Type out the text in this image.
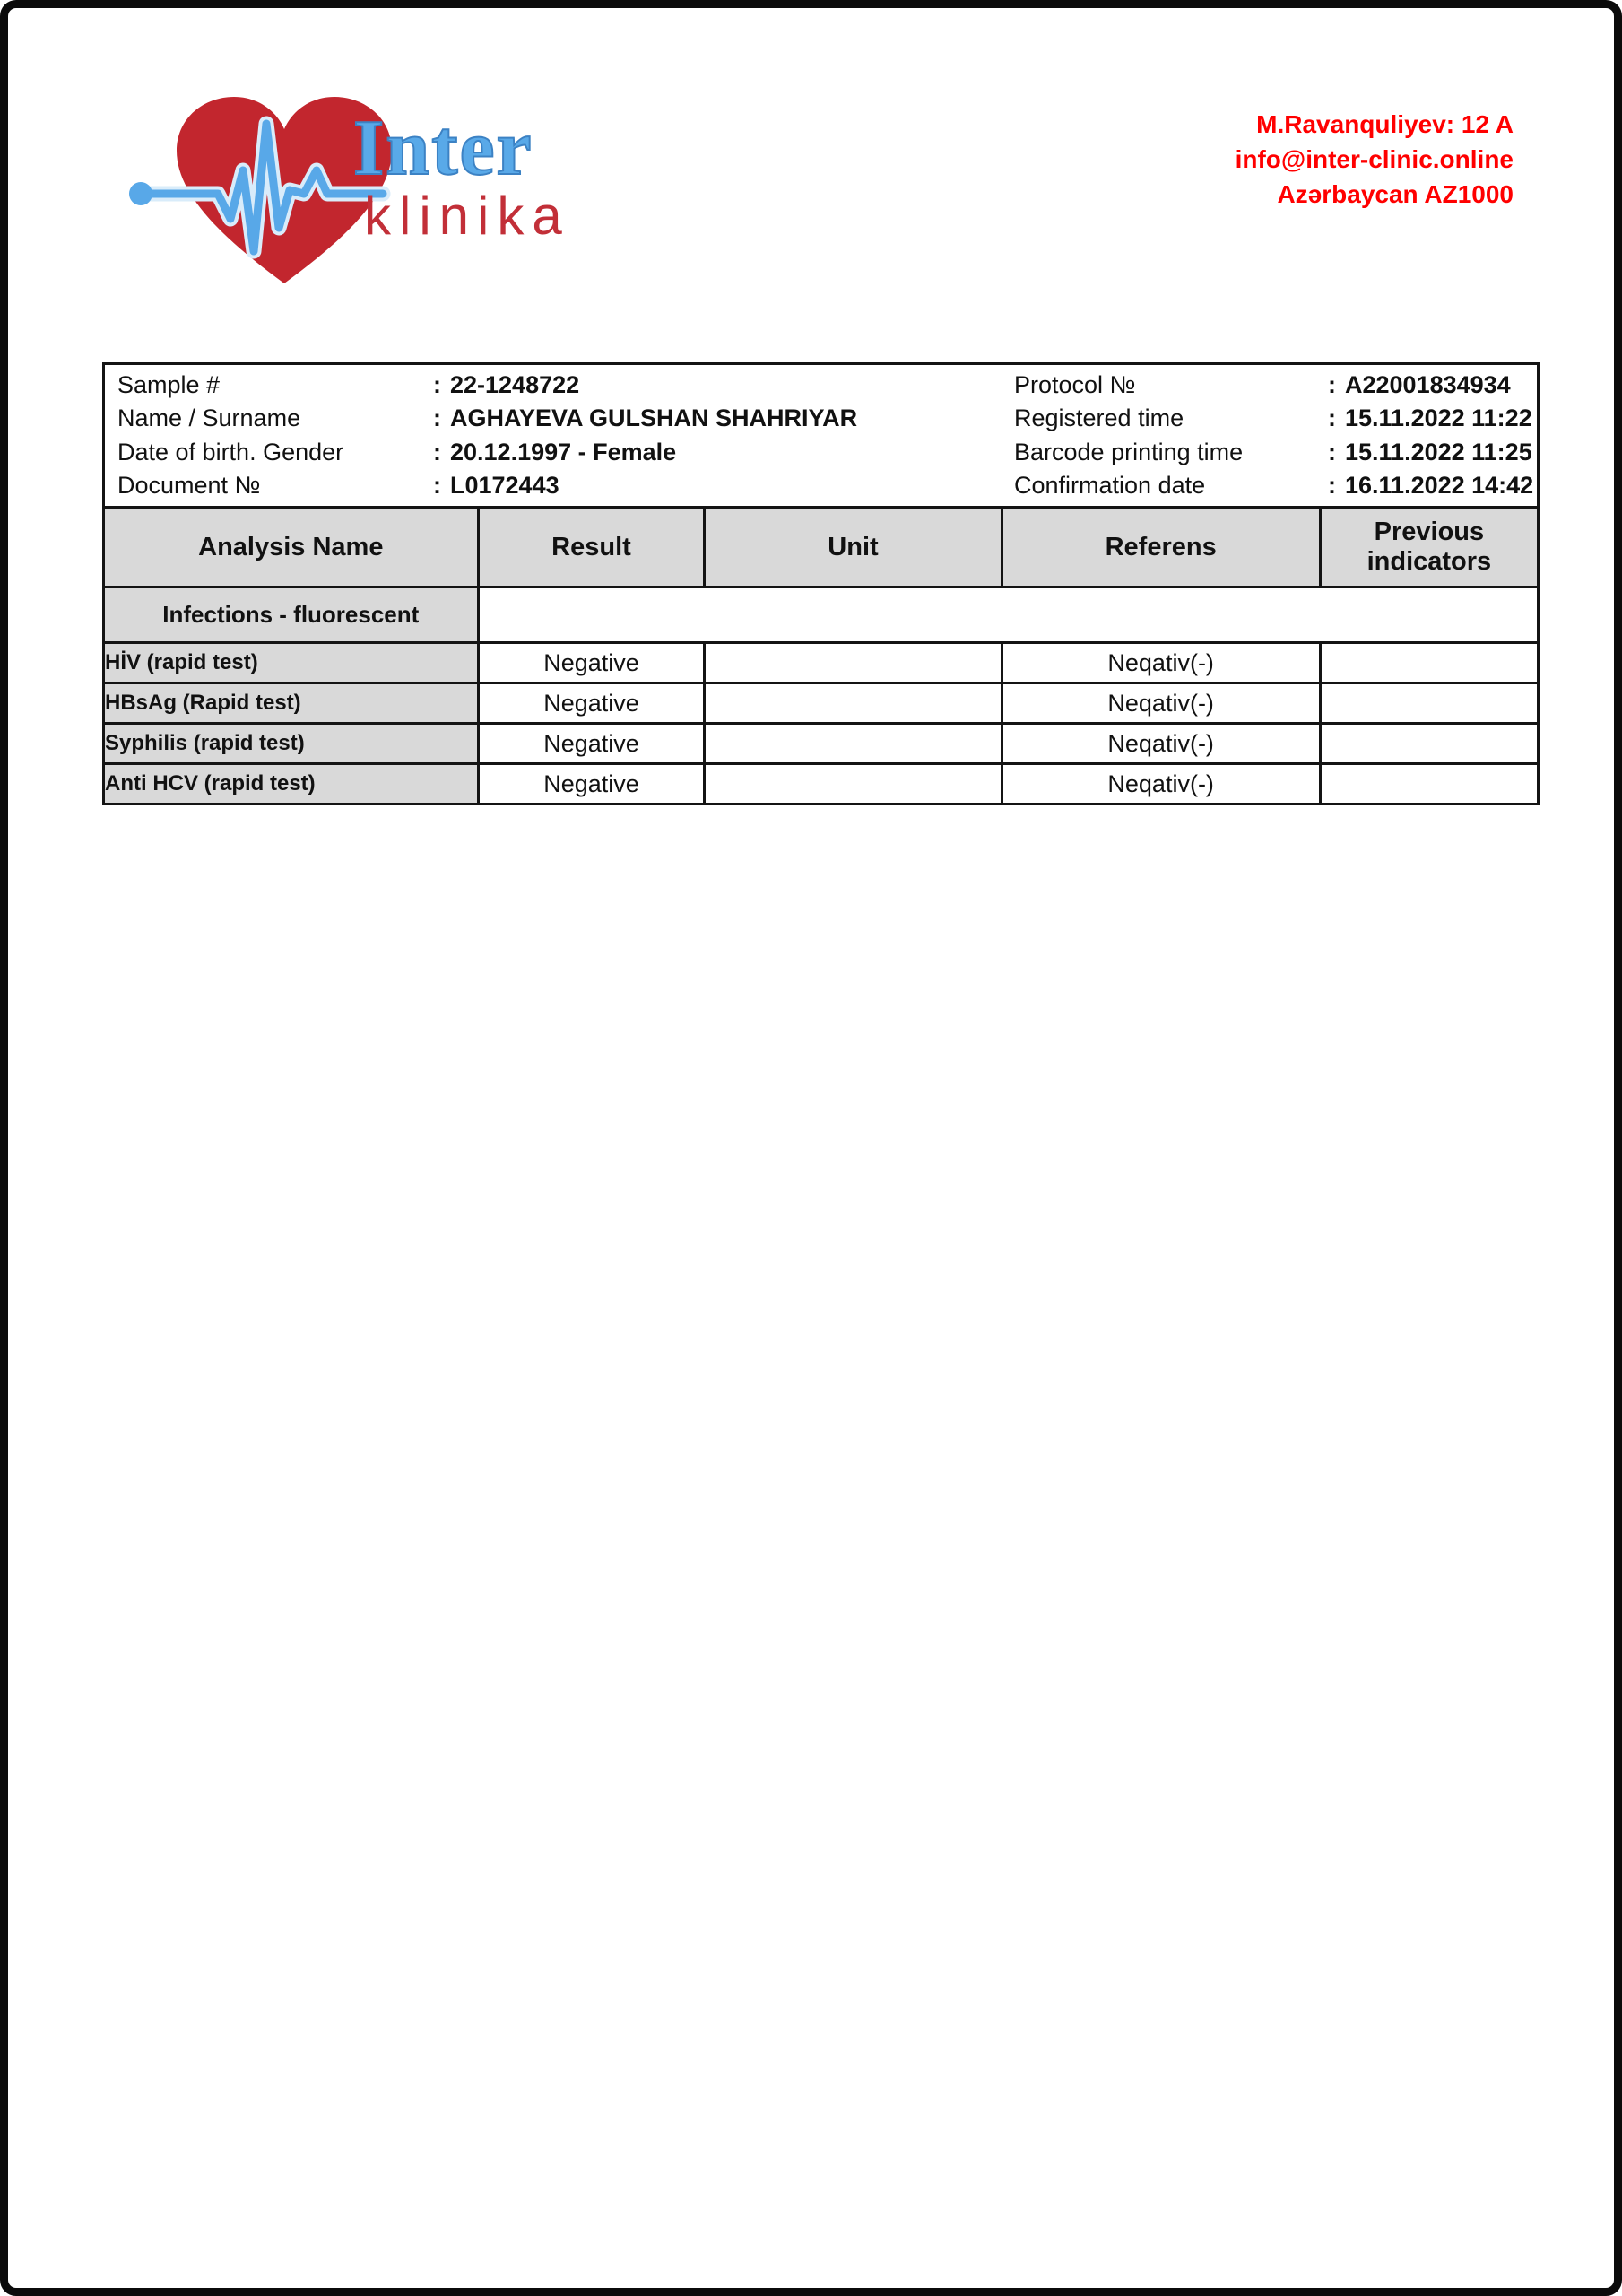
Inter
klinika
M.Ravanquliyev: 12 A
info@inter-clinic.online
Azərbaycan AZ1000
Sample #	: 22-1248722	Protocol №	: A22001834934
Name / Surname	: AGHAYEVA GULSHAN SHAHRIYAR	Registered time	: 15.11.2022 11:22
Date of birth. Gender	: 20.12.1997 - Female	Barcode printing time	: 15.11.2022 11:25
Document №	: L0172443	Confirmation date	: 16.11.2022 14:42
Analysis Name	Result	Unit	Referens	Previous indicators
Infections - fluorescent				
HİV (rapid test)	Negative		Neqativ(-)	
HBsAg (Rapid test)	Negative		Neqativ(-)	
Syphilis (rapid test)	Negative		Neqativ(-)	
Anti HCV (rapid test)	Negative		Neqativ(-)	
